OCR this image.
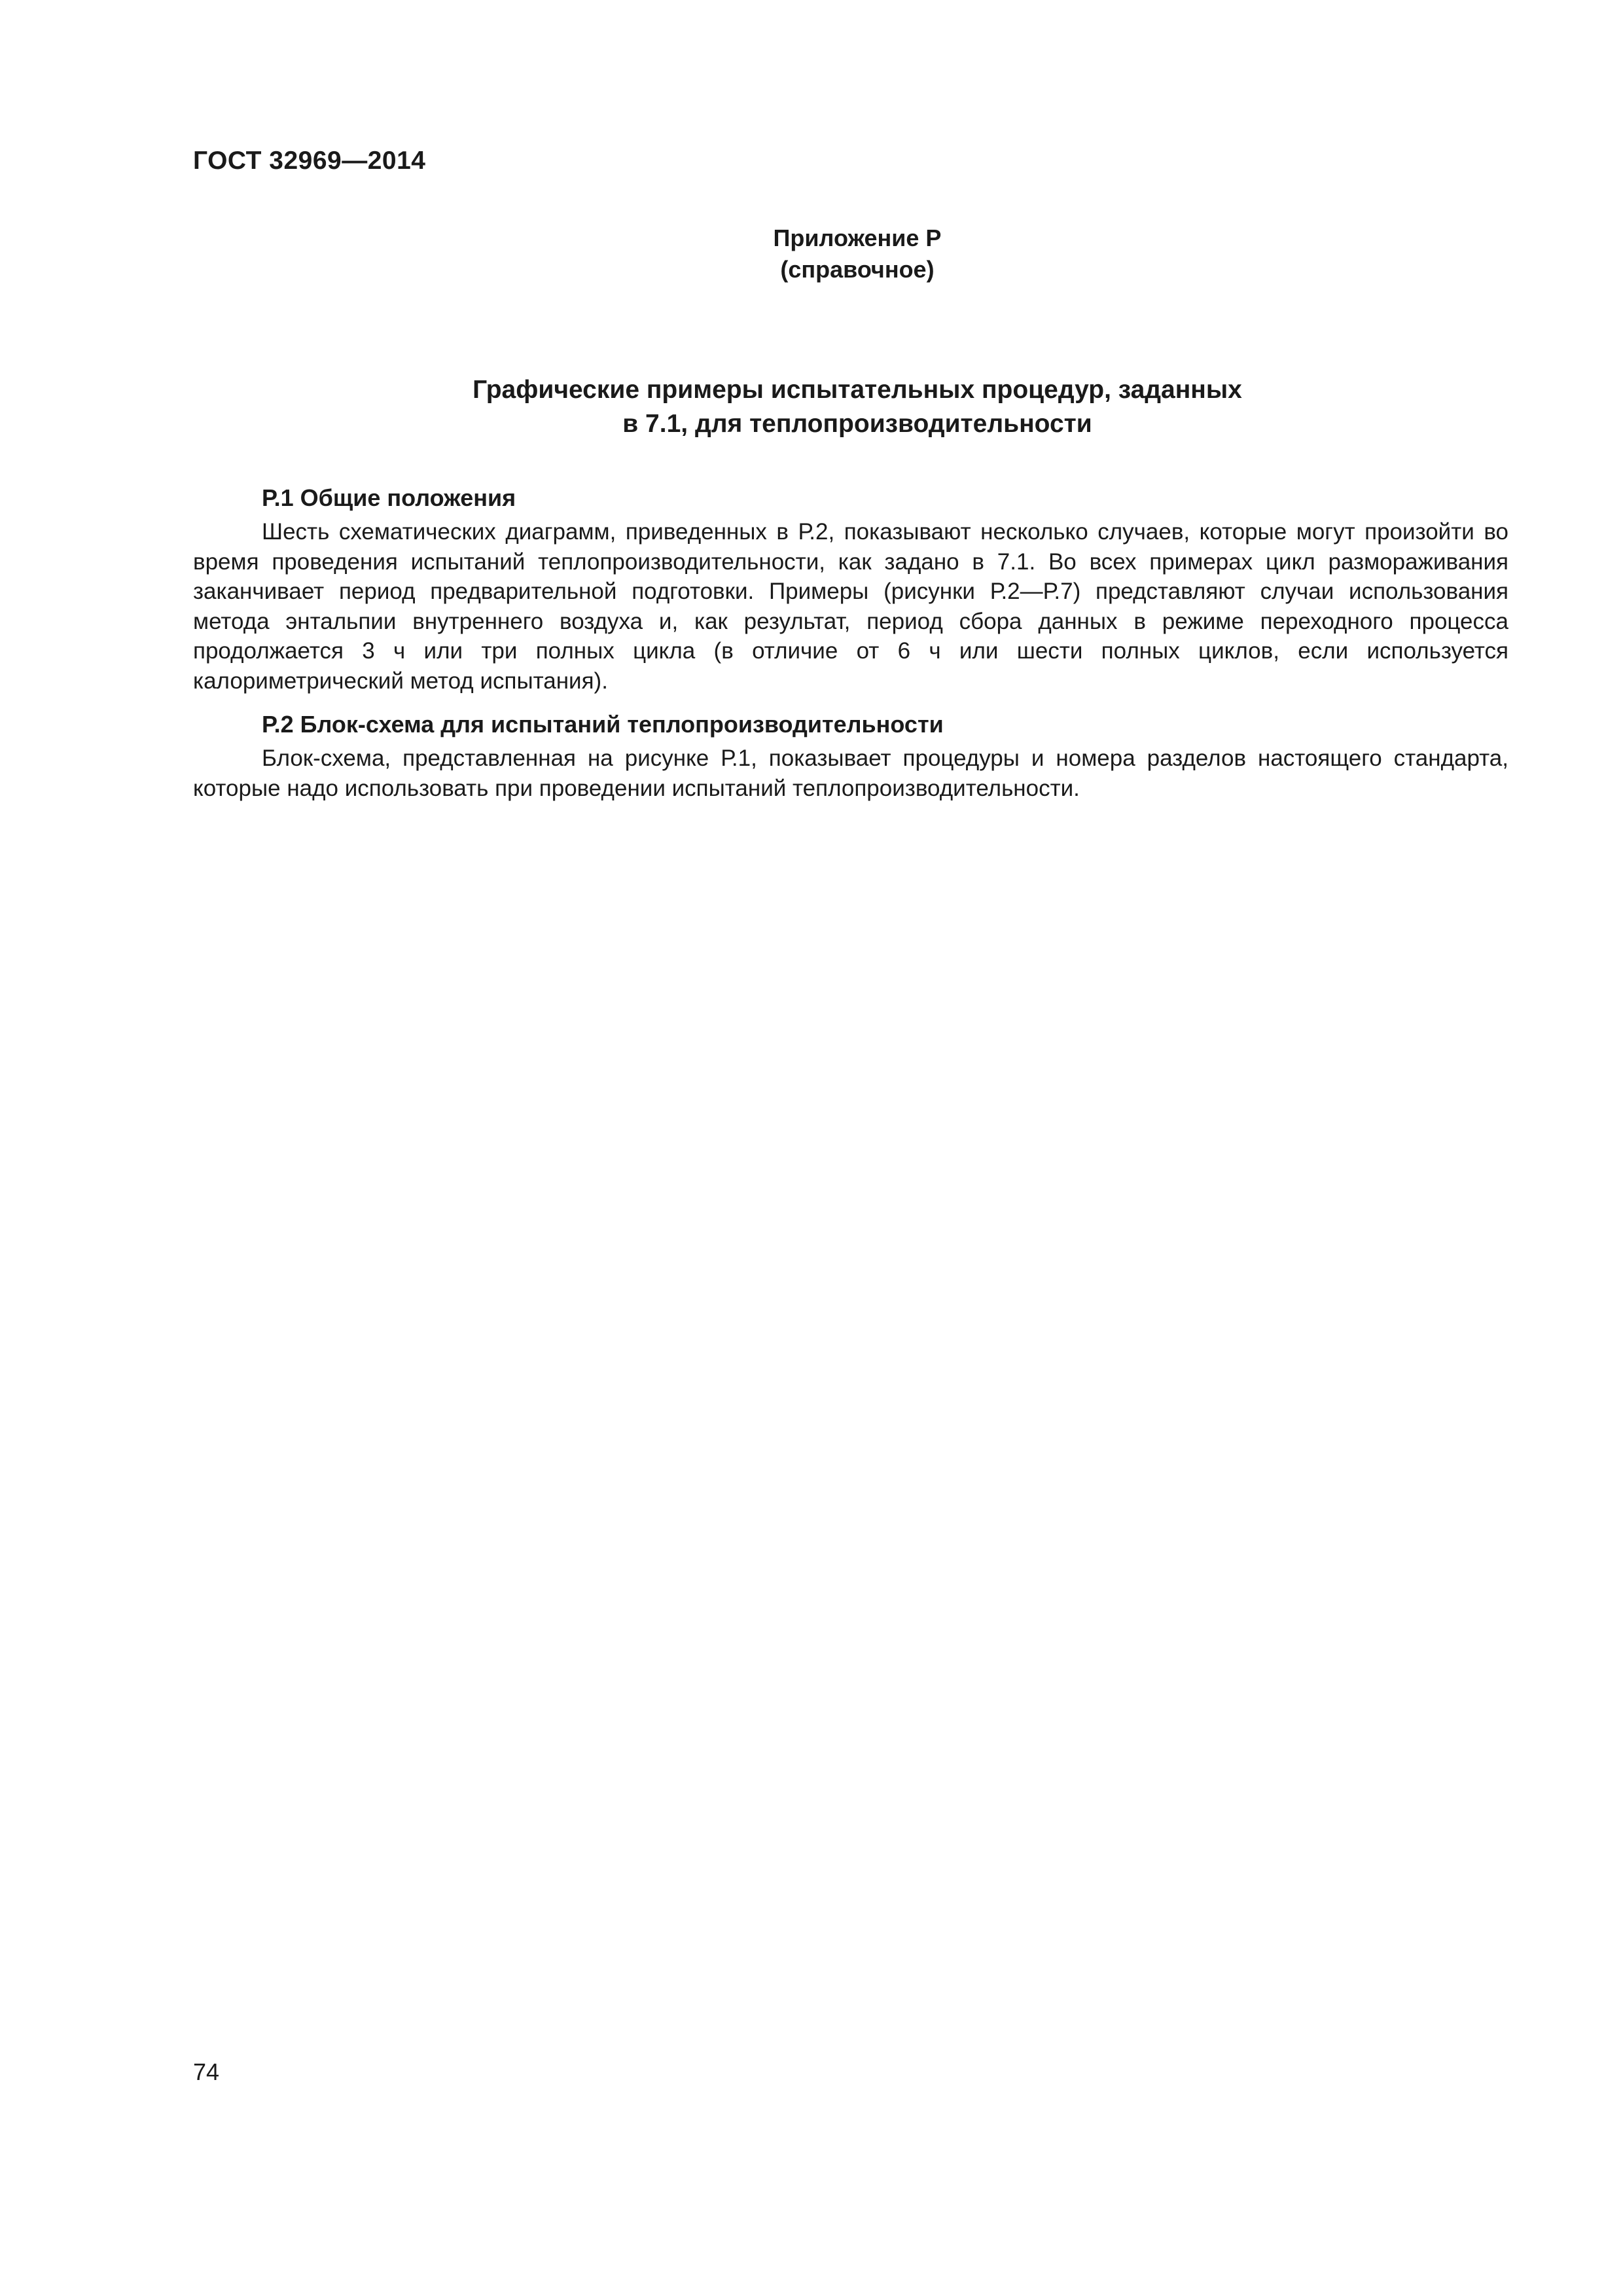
ГОСТ 32969—2014
Приложение Р
(справочное)
Графические примеры испытательных процедур, заданных
в 7.1, для теплопроизводительности
Р.1 Общие положения

Шесть схематических диаграмм, приведенных в Р.2, показывают несколько случаев, которые могут произойти во время проведения испытаний теплопроизводительности, как задано в 7.1. Во всех примерах цикл размораживания заканчивает период предварительной подготовки. Примеры (рисунки Р.2—Р.7) представляют случаи использования метода энтальпии внутреннего воздуха и, как результат, период сбора данных в режиме переходного процесса продолжается 3 ч или три полных цикла (в отличие от 6 ч или шести полных циклов, если используется калориметрический метод испытания).

Р.2 Блок-схема для испытаний теплопроизводительности

Блок-схема, представленная на рисунке Р.1, показывает процедуры и номера разделов настоящего стандарта, которые надо использовать при проведении испытаний теплопроизводительности.

74
